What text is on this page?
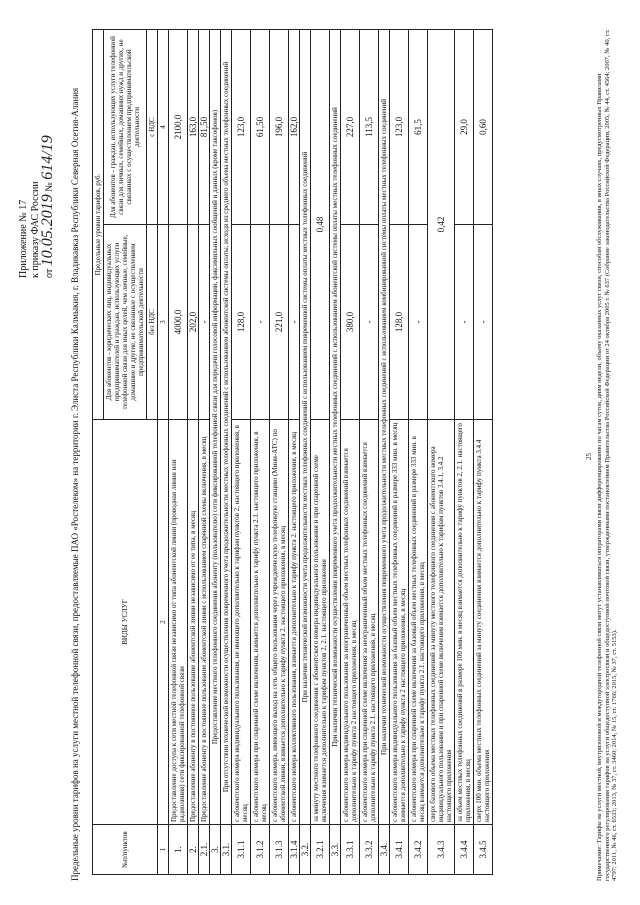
Приложение № 17 к приказу ФАС России от 10.05.2019 № 614/19 Предельные уровни тарифов на услуги местной телефонной связи, предоставляемые ПАО «Ростелеком» на территории г. Элиста Республики Калмыкия, г. Владикавказ Республики Северная Осетия-Алания	№п/пунктов	ВИДЫ УСЛУГ	Предельные уровни тарифов, руб.	
		Для абонентов - юридических лиц, индивидуальных предпринимателей и граждан, использующих услуги телефонной связи для иных целей, чем личные, семейные, домашние и другие, не связанные с осуществлением предпринимательской деятельности	Для абонентов - граждан, использующих услуги телефонной связи для личных, семейных, домашних нужд и других, не связанных с осуществлением предпринимательской деятельности
		без НДС	с НДС
1	2	3	4
1.	Предоставление доступа к сети местной телефонной связи независимо от типа абонентской линии (проводная линия или радиолиния) сети фиксированной телефонной связи	4000,0	2100,0
2.	Предоставление абоненту в постоянное пользование абонентской линии независимо от ее типа, в месяц	202,0	163,0
2.1.	Предоставление абоненту в постоянное пользование абонентской линии с использованием спаренной схемы включения, в месяц	-	81,50
3.	Предоставление местного телефонного соединения абоненту (пользователю) сети фиксированной телефонной связи для передачи голосовой информации, факсимильных сообщений и данных (кроме таксофонов)		
3.1.	При отсутствии технической возможности осуществления повременного учета продолжительности местных телефонных соединений с использованием абонентской системы оплаты, исходя из среднего объема местных телефонных соединений		
3.1.1	с абонентского номера индивидуального пользования, не имеющего дополнительно к тарифам пунктов 2, настоящего приложения, в месяц	128,0	123,0
3.1.2	с абонентского номера при спаренной схеме включения, взимается дополнительно к тарифу пункта 2.1. настоящего приложения, в месяц	-	61,50
3.1.3	с абонентского номера, имеющего выход на сеть общего пользования через учрежденческую телефонную станцию (Мини-АТС) по абонентской линии, взимается дополнительно к тарифу пункта 2. настоящего приложения, в месяц	221,0	196,0
3.1.4	с абонентского номера коллективного пользования, взимается дополнительно к тарифу пункта 2. настоящего приложения, в месяц	-	162,0
3.2.	При наличии технической возможности учета продолжительности местных телефонных соединений с использованием повременной системы оплаты местных телефонных соединений		
3.2.1	за минуту местного телефонного соединения с абонентского номера индивидуального пользования и при спаренной схеме включения взимается дополнительно к тарифам пунктов 2, 2.1. настоящего приложения	0,48	
3.3.	При наличии технической возможности осуществления повременного учета продолжительности местных телефонных соединений с использованием абонентской системы оплаты местных телефонных соединений		
3.3.1	с абонентского номера индивидуального пользования за неограниченный объем местных телефонных соединений взимается дополнительно к тарифу пункта 2 настоящего приложения, в месяц	380,0	227,0
3.3.2	с абонентского номера при спаренной схеме включения за неограниченный объем местных телефонных соединений взимается дополнительно к тарифу пункта 2.1. настоящего приложения, в месяц	-	113,5
3.4.	При наличии технической возможности осуществления повременного учета продолжительности местных телефонных соединений с использованием комбинированной системы оплаты местных телефонных соединений		
3.4.1	с абонентского номера индивидуального пользования за базовый объем местных телефонных соединений в размере 333 мин. в месяц взимается дополнительно к тарифу пункта 2 настоящего приложения, в месяц	128,0	123,0
3.4.2	с абонентского номера при спаренной схеме включения за базовый объем местных телефонных соединений в размере 333 мин. в месяц взимается дополнительно к тарифу пункта 2.1. настоящего приложения, в месяц	-	61,5
3.4.3	сверх базового объема местных телефонных соединений за минуту местного телефонного соединения с абонентского номера индивидуального пользования и при спаренной схеме включения взимается дополнительно к тарифам пунктов 3.4.1, 3.4.2 настоящего приложения	0,42	
3.4.4	за объем местных телефонных соединений в размере 100 мин. в месяц взимается дополнительно к тарифу пунктов 2, 2.1. настоящего приложения, в месяц	-	29,0
3.4.5	сверх 100 мин. объема местных телефонных соединений за минуту соединения взимается дополнительно к тарифу пункта 3.4.4 настоящего приложения	-	0,60
25
Примечание: Тарифы на услуги местной, внутризоновой и междугородной телефонной связи могут устанавливаться операторами связи дифференцированно по часам суток, дням недели, объему оказанных услуг связи, способам обслуживания, в иных случаях, предусмотренных Правилами государственного регулирования тарифов на услуги общедоступной электросвязи и общедоступной почтовой связи, утвержденными постановлением Правительства Российской Федерации от 24 октября 2005 г. № 637 (Собрание законодательства Российской Федерации, 2005, № 44, ст. 4564; 2007, № 40, ст. 4797; 2011, № 46, ст. 6533; 2013, № 37, ст. 3460; 2014, № 15, ст. 1766; 2015, № 37, ст. 5153).
